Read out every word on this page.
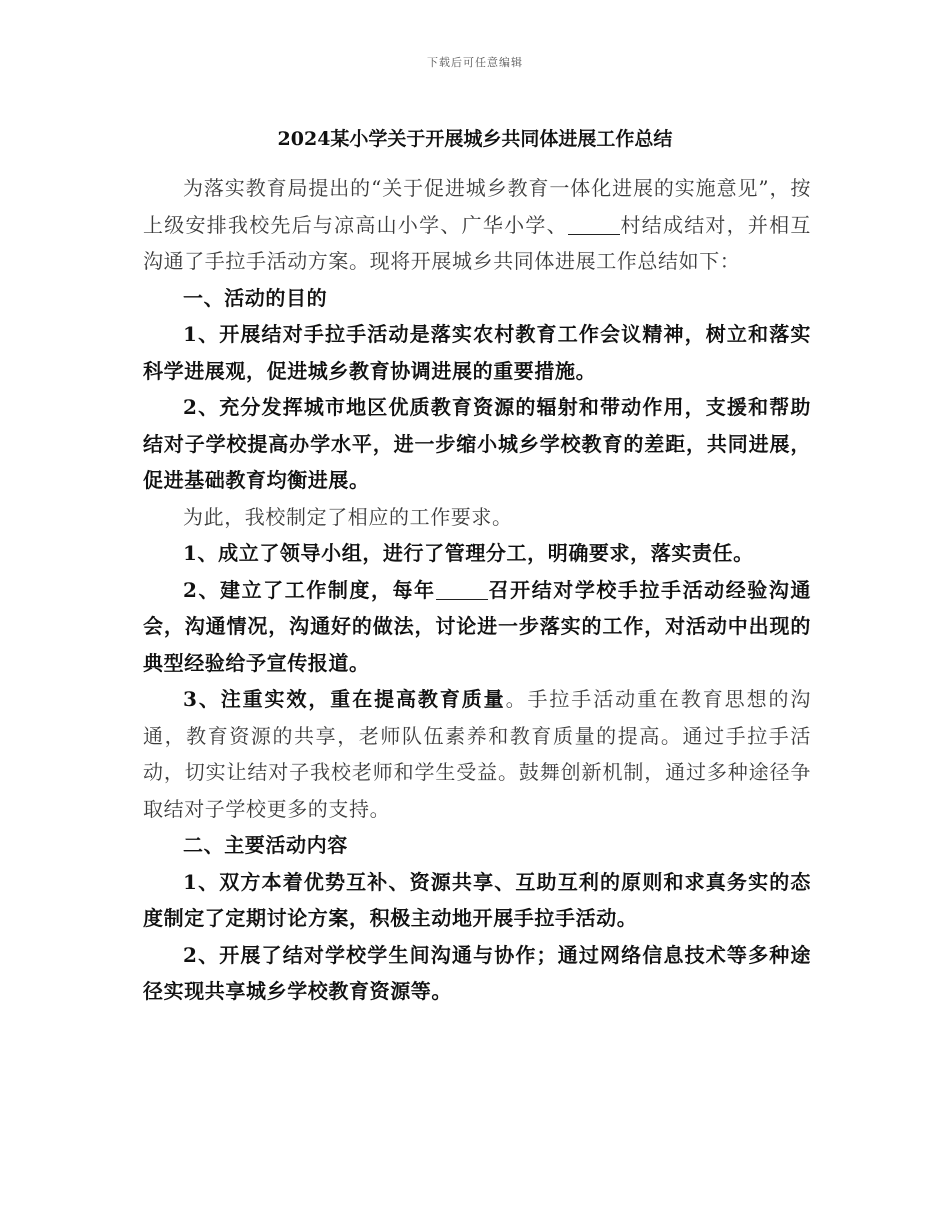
下载后可任意编辑
2024某小学关于开展城乡共同体进展工作总结

为落实教育局提出的“关于促进城乡教育一体化进展的实施意见”，按上级安排我校先后与凉高山小学、广华小学、	村结成结对，并相互沟通了手拉手活动方案。现将开展城乡共同体进展工作总结如下：

一、活动的目的

1、开展结对手拉手活动是落实农村教育工作会议精神，树立和落实科学进展观，促进城乡教育协调进展的重要措施。

2、充分发挥城市地区优质教育资源的辐射和带动作用，支援和帮助结对子学校提高办学水平，进一步缩小城乡学校教育的差距，共同进展，促进基础教育均衡进展。

为此，我校制定了相应的工作要求。

1、成立了领导小组，进行了管理分工，明确要求，落实责任。

2、建立了工作制度，每年	召开结对学校手拉手活动经验沟通会，沟通情况，沟通好的做法，讨论进一步落实的工作，对活动中出现的典型经验给予宣传报道。

3、注重实效，重在提高教育质量。手拉手活动重在教育思想的沟通，教育资源的共享，老师队伍素养和教育质量的提高。通过手拉手活动，切实让结对子我校老师和学生受益。鼓舞创新机制，通过多种途径争取结对子学校更多的支持。

二、主要活动内容

1、双方本着优势互补、资源共享、互助互利的原则和求真务实的态度制定了定期讨论方案，积极主动地开展手拉手活动。

2、开展了结对学校学生间沟通与协作；通过网络信息技术等多种途径实现共享城乡学校教育资源等。
